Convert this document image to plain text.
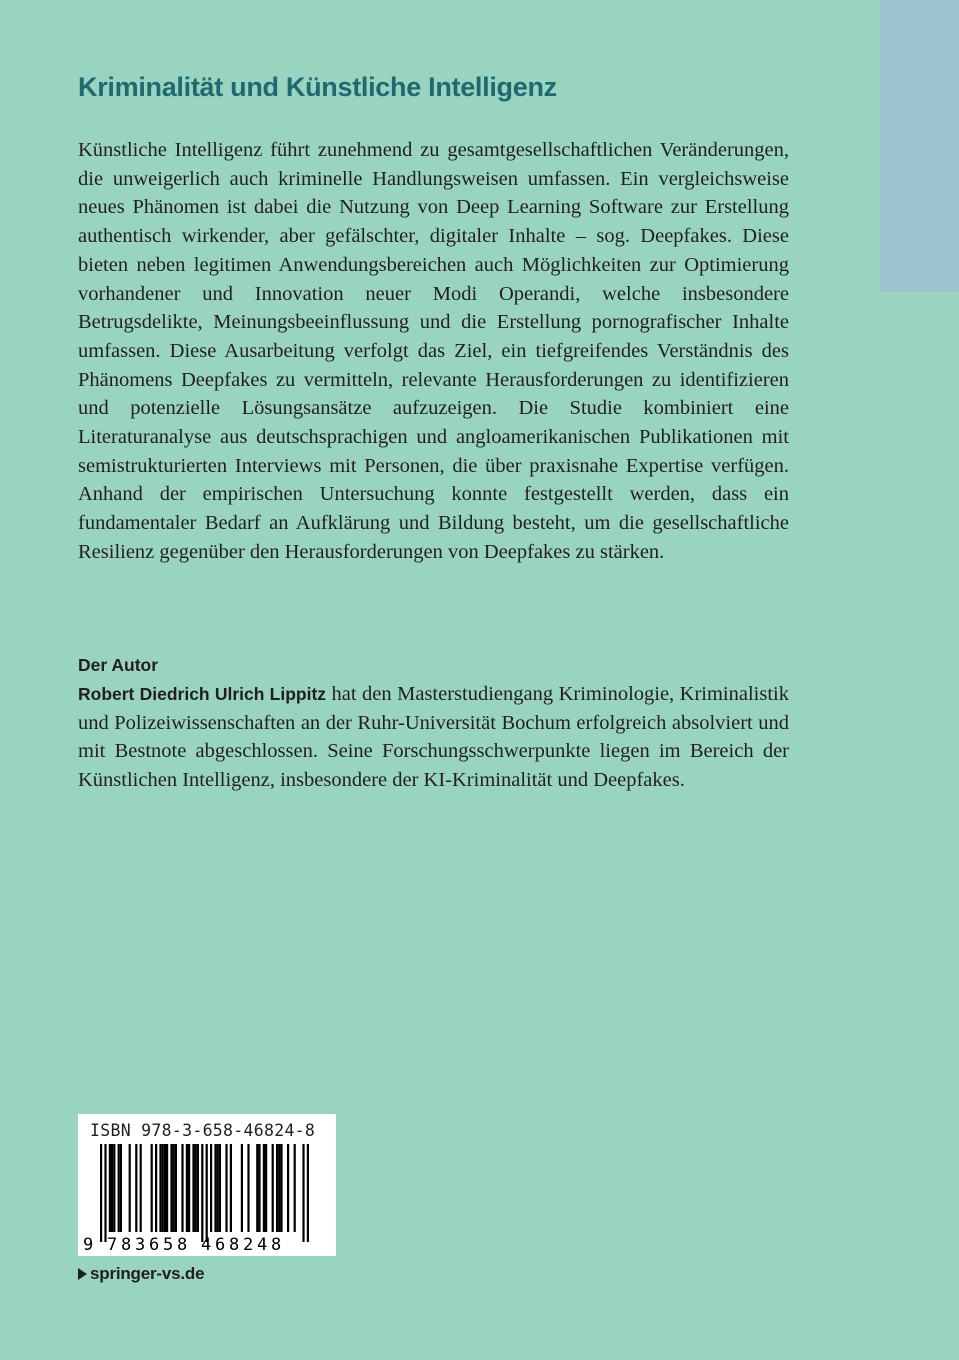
Kriminalität und Künstliche Intelligenz

Künstliche Intelligenz führt zunehmend zu gesamtgesellschaftlichen Veränderungen, die unweigerlich auch kriminelle Handlungsweisen umfassen. Ein vergleichsweise neues Phänomen ist dabei die Nutzung von Deep Learning Software zur Erstellung authentisch wirkender, aber gefälschter, digitaler Inhalte – sog. Deepfakes. Diese bieten neben legitimen Anwendungsbereichen auch Möglichkeiten zur Optimierung vorhandener und Innovation neuer Modi Operandi, welche insbesondere Betrugsdelikte, Meinungsbeeinflussung und die Erstellung pornografischer Inhalte umfassen. Diese Ausarbeitung verfolgt das Ziel, ein tiefgreifendes Verständnis des Phänomens Deepfakes zu vermitteln, relevante Herausforderungen zu identifizieren und potenzielle Lösungsansätze aufzuzeigen. Die Studie kombiniert eine Literaturanalyse aus deutschsprachigen und angloamerikanischen Publikationen mit semistrukturierten Interviews mit Personen, die über praxisnahe Expertise verfügen. Anhand der empirischen Untersuchung konnte festgestellt werden, dass ein fundamentaler Bedarf an Aufklärung und Bildung besteht, um die gesellschaftliche Resilienz gegenüber den Herausforderungen von Deepfakes zu stärken.

Der Autor

Robert Diedrich Ulrich Lippitz hat den Masterstudiengang Kriminologie, Kriminalistik und Polizeiwissenschaften an der Ruhr-Universität Bochum erfolgreich absolviert und mit Bestnote abgeschlossen. Seine Forschungsschwerpunkte liegen im Bereich der Künstlichen Intelligenz, insbesondere der KI-Kriminalität und Deepfakes.

ISBN 978-3-658-46824-8
9 7 8 3 6 5 8 4 6 8 2 4 8
springer-vs.de
